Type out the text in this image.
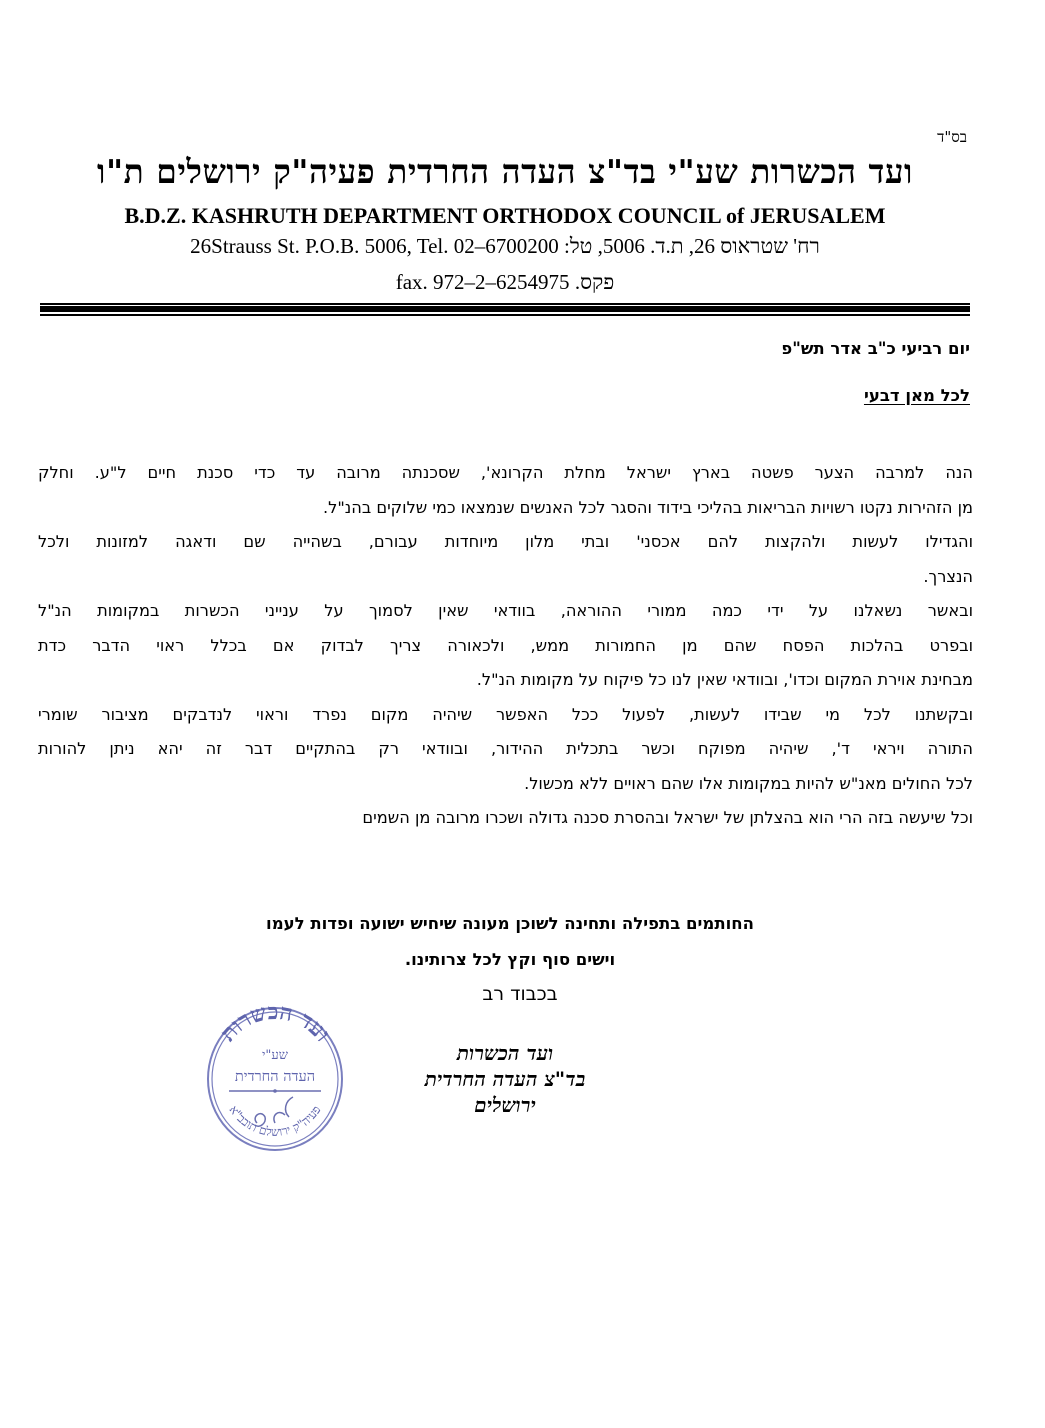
בס"ד
ועד הכשרות שע"י בד"צ העדה החרדית פעיה"ק ירושלים ת"ו
B.D.Z. KASHRUTH DEPARTMENT ORTHODOX COUNCIL of JERUSALEM
26Strauss St. P.O.B. 5006, Tel. 02–6700200 רח' שטראוס 26, ת.ד. 5006, טל:
fax. 972–2–6254975 פקס.
יום רביעי כ"ב אדר תש"פ
לכל מאן דבעי
הנה למרבה הצער פשטה בארץ ישראל מחלת הקרונא', שסכנתה מרובה עד כדי סכנת חיים ל"ע. וחלק
מן הזהירות נקטו רשויות הבריאות בהליכי בידוד והסגר לכל האנשים שנמצאו כמי שלוקים בהנ"ל.
והגדילו לעשות ולהקצות להם אכסני' ובתי מלון מיוחדות עבורם, בשהייה שם ודאגה למזונות ולכל
הנצרך.
ובאשר נשאלנו על ידי כמה ממורי ההוראה, בוודאי שאין לסמוך על ענייני הכשרות במקומות הנ"ל
ובפרט בהלכות הפסח שהם מן החמורות ממש, ולכאורה צריך לבדוק אם בכלל ראוי הדבר כדת
מבחינת אוירת המקום וכדו', ובוודאי שאין לנו כל פיקוח על מקומות הנ"ל.
ובקשתנו לכל מי שבידו לעשות, לפעול ככל האפשר שיהיה מקום נפרד וראוי לנדבקים מציבור שומרי
התורה ויראי ד', שיהיה מפוקח וכשר בתכלית ההידור, ובוודאי רק בהתקיים דבר זה יהא ניתן להורות
לכל החולים מאנ"ש להיות במקומות אלו שהם ראויים ללא מכשול.
וכל שיעשה בזה הרי הוא בהצלתן של ישראל ובהסרת סכנה גדולה ושכרו מרובה מן השמים
החותמים בתפילה ותחינה לשוכן מעונה שיחיש ישועה ופדות לעמו
וישים סוף וקץ לכל צרותינו.
בכבוד רב
ועד הכשרות
בד"צ העדה החרדית
ירושלים
ועד הכשרות
שע"י
העדה החרדית
פעיה"ק ירושלם תובב"א
